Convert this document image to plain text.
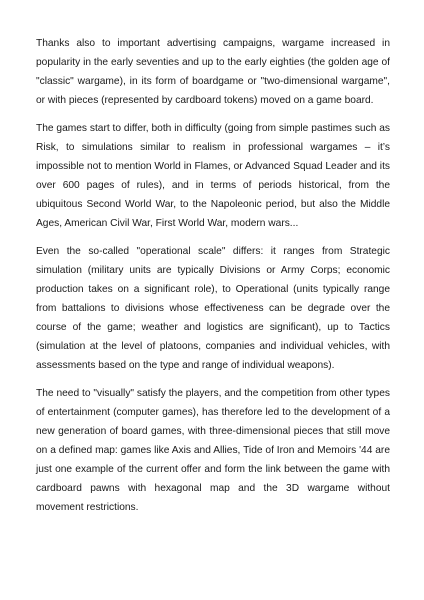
Thanks also to important advertising campaigns, wargame increased in popularity in the early seventies and up to the early eighties (the golden age of "classic" wargame), in its form of boardgame or "two-dimensional wargame", or with pieces (represented by cardboard tokens) moved on a game board.

The games start to differ, both in difficulty (going from simple pastimes such as Risk, to simulations similar to realism in professional wargames – it’s impossible not to mention World in Flames, or Advanced Squad Leader and its over 600 pages of rules), and in terms of periods historical, from the ubiquitous Second World War, to the Napoleonic period, but also the Middle Ages, American Civil War, First World War, modern wars...

Even the so-called "operational scale" differs: it ranges from Strategic simulation (military units are typically Divisions or Army Corps; economic production takes on a significant role), to Operational (units typically range from battalions to divisions whose effectiveness can be degrade over the course of the game; weather and logistics are significant), up to Tactics (simulation at the level of platoons, companies and individual vehicles, with assessments based on the type and range of individual weapons).

The need to "visually" satisfy the players, and the competition from other types of entertainment (computer games), has therefore led to the development of a new generation of board games, with three-dimensional pieces that still move on a defined map: games like Axis and Allies, Tide of Iron and Memoirs '44 are just one example of the current offer and form the link between the game with cardboard pawns with hexagonal map and the 3D wargame without movement restrictions.
